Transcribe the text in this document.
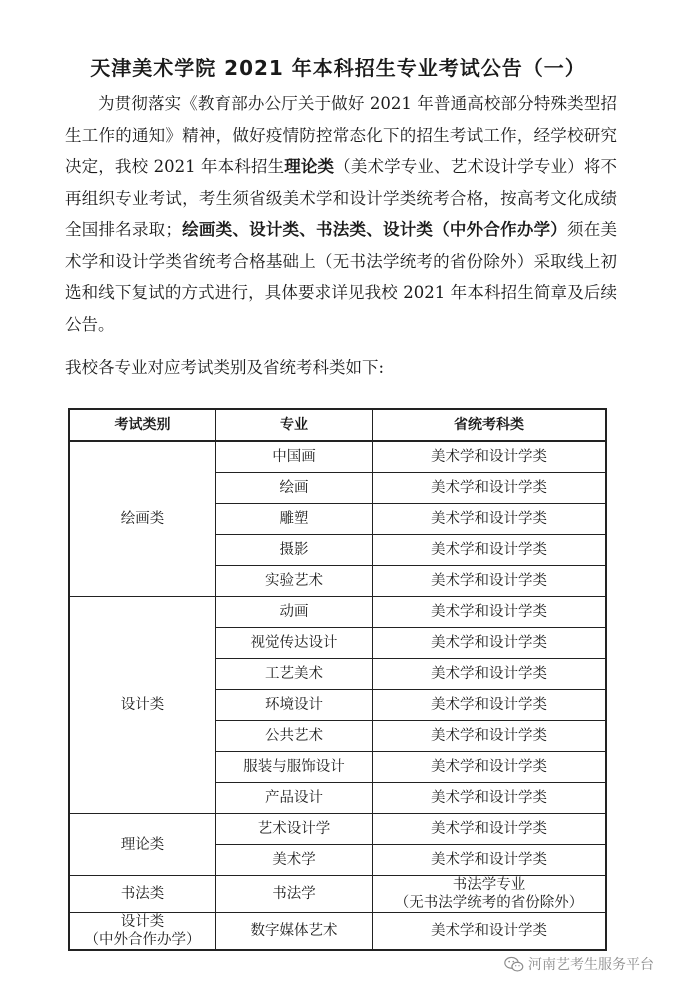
天津美术学院 2021 年本科招生专业考试公告（一）

为贯彻落实《教育部办公厅关于做好 2021 年普通高校部分特殊类型招生工作的通知》精神，做好疫情防控常态化下的招生考试工作，经学校研究决定，我校 2021 年本科招生理论类（美术学专业、艺术设计学专业）将不再组织专业考试，考生须省级美术学和设计学类统考合格，按高考文化成绩全国排名录取；绘画类、设计类、书法类、设计类（中外合作办学）须在美术学和设计学类省统考合格基础上（无书法学统考的省份除外）采取线上初选和线下复试的方式进行，具体要求详见我校 2021 年本科招生简章及后续公告。

我校各专业对应考试类别及省统考科类如下:

考试类别	专业	省统考科类
绘画类	中国画	美术学和设计学类
	绘画	美术学和设计学类
	雕塑	美术学和设计学类
	摄影	美术学和设计学类
	实验艺术	美术学和设计学类
设计类	动画	美术学和设计学类
	视觉传达设计	美术学和设计学类
	工艺美术	美术学和设计学类
	环境设计	美术学和设计学类
	公共艺术	美术学和设计学类
	服装与服饰设计	美术学和设计学类
	产品设计	美术学和设计学类
理论类	艺术设计学	美术学和设计学类
	美术学	美术学和设计学类
书法类	书法学	书法学专业
（无书法学统考的省份除外）
设计类
（中外合作办学）	数字媒体艺术	美术学和设计学类
河南艺考生服务平台
